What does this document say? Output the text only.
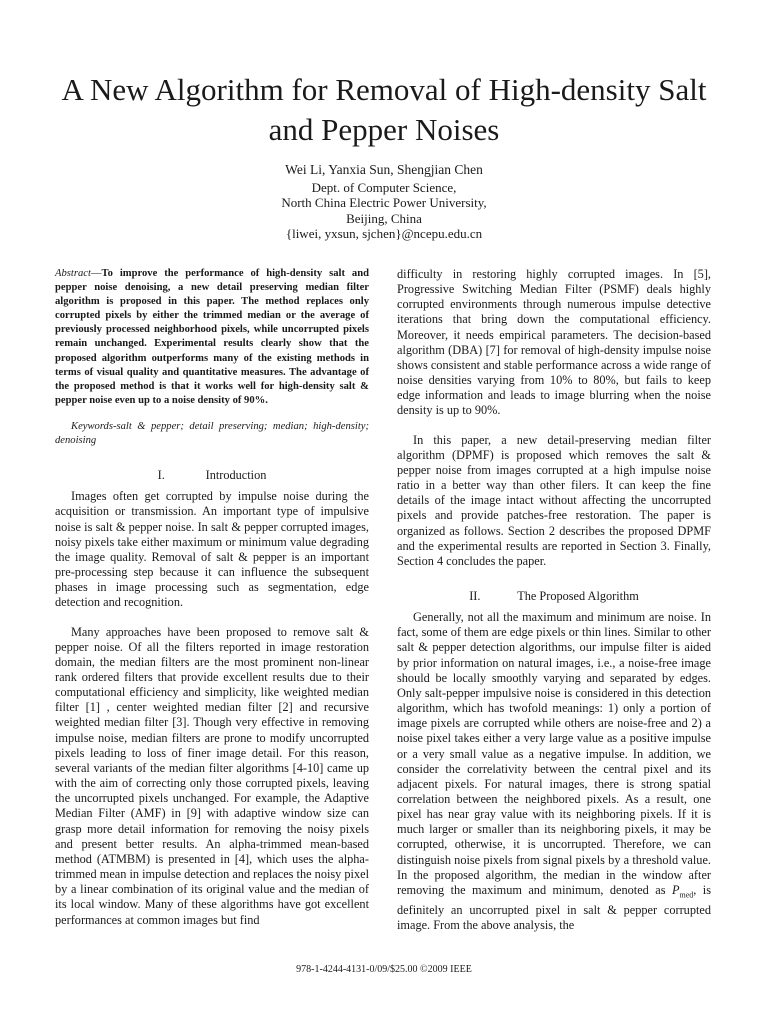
A New Algorithm for Removal of High-density Salt
and Pepper Noises
Wei Li, Yanxia Sun, Shengjian Chen
Dept. of Computer Science,
North China Electric Power University,
Beijing, China
{liwei, yxsun, sjchen}@ncepu.edu.cn

Abstract—To improve the performance of high-density salt and pepper noise denoising, a new detail preserving median filter algorithm is proposed in this paper. The method replaces only corrupted pixels by either the trimmed median or the average of previously processed neighborhood pixels, while uncorrupted pixels remain unchanged. Experimental results clearly show that the proposed algorithm outperforms many of the existing methods in terms of visual quality and quantitative measures. The advantage of the proposed method is that it works well for high-density salt & pepper noise even up to a noise density of 90%.

Keywords-salt & pepper; detail preserving; median; high-density; denoising

I.	Introduction

Images often get corrupted by impulse noise during the acquisition or transmission. An important type of impulsive noise is salt & pepper noise. In salt & pepper corrupted images, noisy pixels take either maximum or minimum value degrading the image quality. Removal of salt & pepper is an important pre-processing step because it can influence the subsequent phases in image processing such as segmentation, edge detection and recognition.

Many approaches have been proposed to remove salt & pepper noise. Of all the filters reported in image restoration domain, the median filters are the most prominent non-linear rank ordered filters that provide excellent results due to their computational efficiency and simplicity, like weighted median filter [1] , center weighted median filter [2] and recursive weighted median filter [3]. Though very effective in removing impulse noise, median filters are prone to modify uncorrupted pixels leading to loss of finer image detail. For this reason, several variants of the median filter algorithms [4-10] came up with the aim of correcting only those corrupted pixels, leaving the uncorrupted pixels unchanged. For example, the Adaptive Median Filter (AMF) in [9] with adaptive window size can grasp more detail information for removing the noisy pixels and present better results. An alpha-trimmed mean-based method (ATMBM) is presented in [4], which uses the alpha-trimmed mean in impulse detection and replaces the noisy pixel by a linear combination of its original value and the median of its local window. Many of these algorithms have got excellent performances at common images but find

difficulty in restoring highly corrupted images. In [5], Progressive Switching Median Filter (PSMF) deals highly corrupted environments through numerous impulse detective iterations that bring down the computational efficiency. Moreover, it needs empirical parameters. The decision-based algorithm (DBA) [7] for removal of high-density impulse noise shows consistent and stable performance across a wide range of noise densities varying from 10% to 80%, but fails to keep edge information and leads to image blurring when the noise density is up to 90%.

In this paper, a new detail-preserving median filter algorithm (DPMF) is proposed which removes the salt & pepper noise from images corrupted at a high impulse noise ratio in a better way than other filers. It can keep the fine details of the image intact without affecting the uncorrupted pixels and provide patches-free restoration. The paper is organized as follows. Section 2 describes the proposed DPMF and the experimental results are reported in Section 3. Finally, Section 4 concludes the paper.

II.	The Proposed Algorithm

Generally, not all the maximum and minimum are noise. In fact, some of them are edge pixels or thin lines. Similar to other salt & pepper detection algorithms, our impulse filter is aided by prior information on natural images, i.e., a noise-free image should be locally smoothly varying and separated by edges. Only salt-pepper impulsive noise is considered in this detection algorithm, which has twofold meanings: 1) only a portion of image pixels are corrupted while others are noise-free and 2) a noise pixel takes either a very large value as a positive impulse or a very small value as a negative impulse. In addition, we consider the correlativity between the central pixel and its adjacent pixels. For natural images, there is strong spatial correlation between the neighbored pixels. As a result, one pixel has near gray value with its neighboring pixels. If it is much larger or smaller than its neighboring pixels, it may be corrupted, otherwise, it is uncorrupted. Therefore, we can distinguish noise pixels from signal pixels by a threshold value. In the proposed algorithm, the median in the window after removing the maximum and minimum, denoted as $P_{med}$, is definitely an uncorrupted pixel in salt & pepper corrupted image. From the above analysis, the

978-1-4244-4131-0/09/$25.00 ©2009 IEEE
